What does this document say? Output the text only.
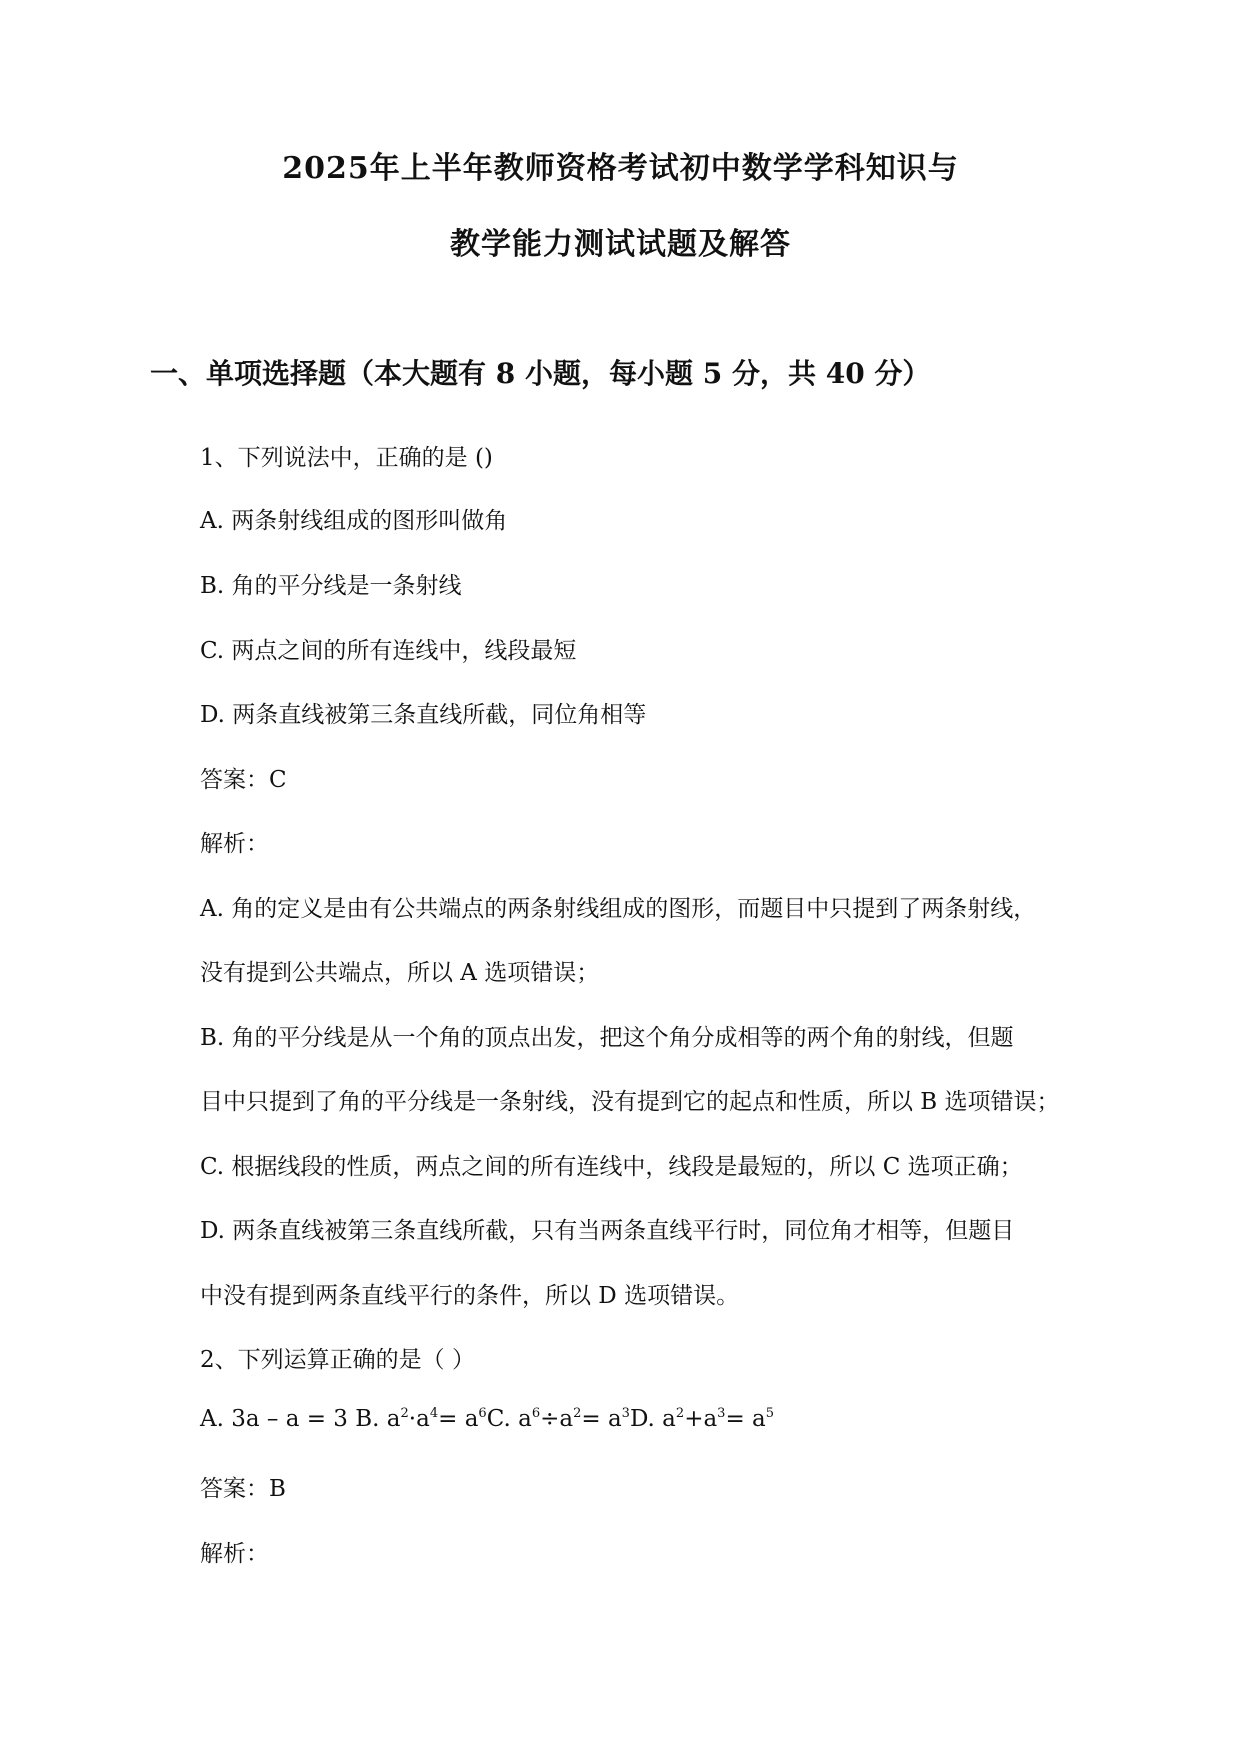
2025年上半年教师资格考试初中数学学科知识与
教学能力测试试题及解答
一、单项选择题（本大题有 8 小题，每小题 5 分，共 40 分）
1、下列说法中，正确的是 ()
A. 两条射线组成的图形叫做角
B. 角的平分线是一条射线
C. 两点之间的所有连线中，线段最短
D. 两条直线被第三条直线所截，同位角相等
答案：C
解析：
A. 角的定义是由有公共端点的两条射线组成的图形，而题目中只提到了两条射线，
没有提到公共端点，所以 A 选项错误；
B. 角的平分线是从一个角的顶点出发，把这个角分成相等的两个角的射线，但题
目中只提到了角的平分线是一条射线，没有提到它的起点和性质，所以 B 选项错误；
C. 根据线段的性质，两点之间的所有连线中，线段是最短的，所以 C 选项正确；
D. 两条直线被第三条直线所截，只有当两条直线平行时，同位角才相等，但题目
中没有提到两条直线平行的条件，所以 D 选项错误。
2、下列运算正确的是（ ）
A. 3a – a = 3 B. $a^2\cdot a^4= a^6C$. $a^6\div a^2= a^3D$. $a^2+a^3= a^5$
答案：B
解析：
